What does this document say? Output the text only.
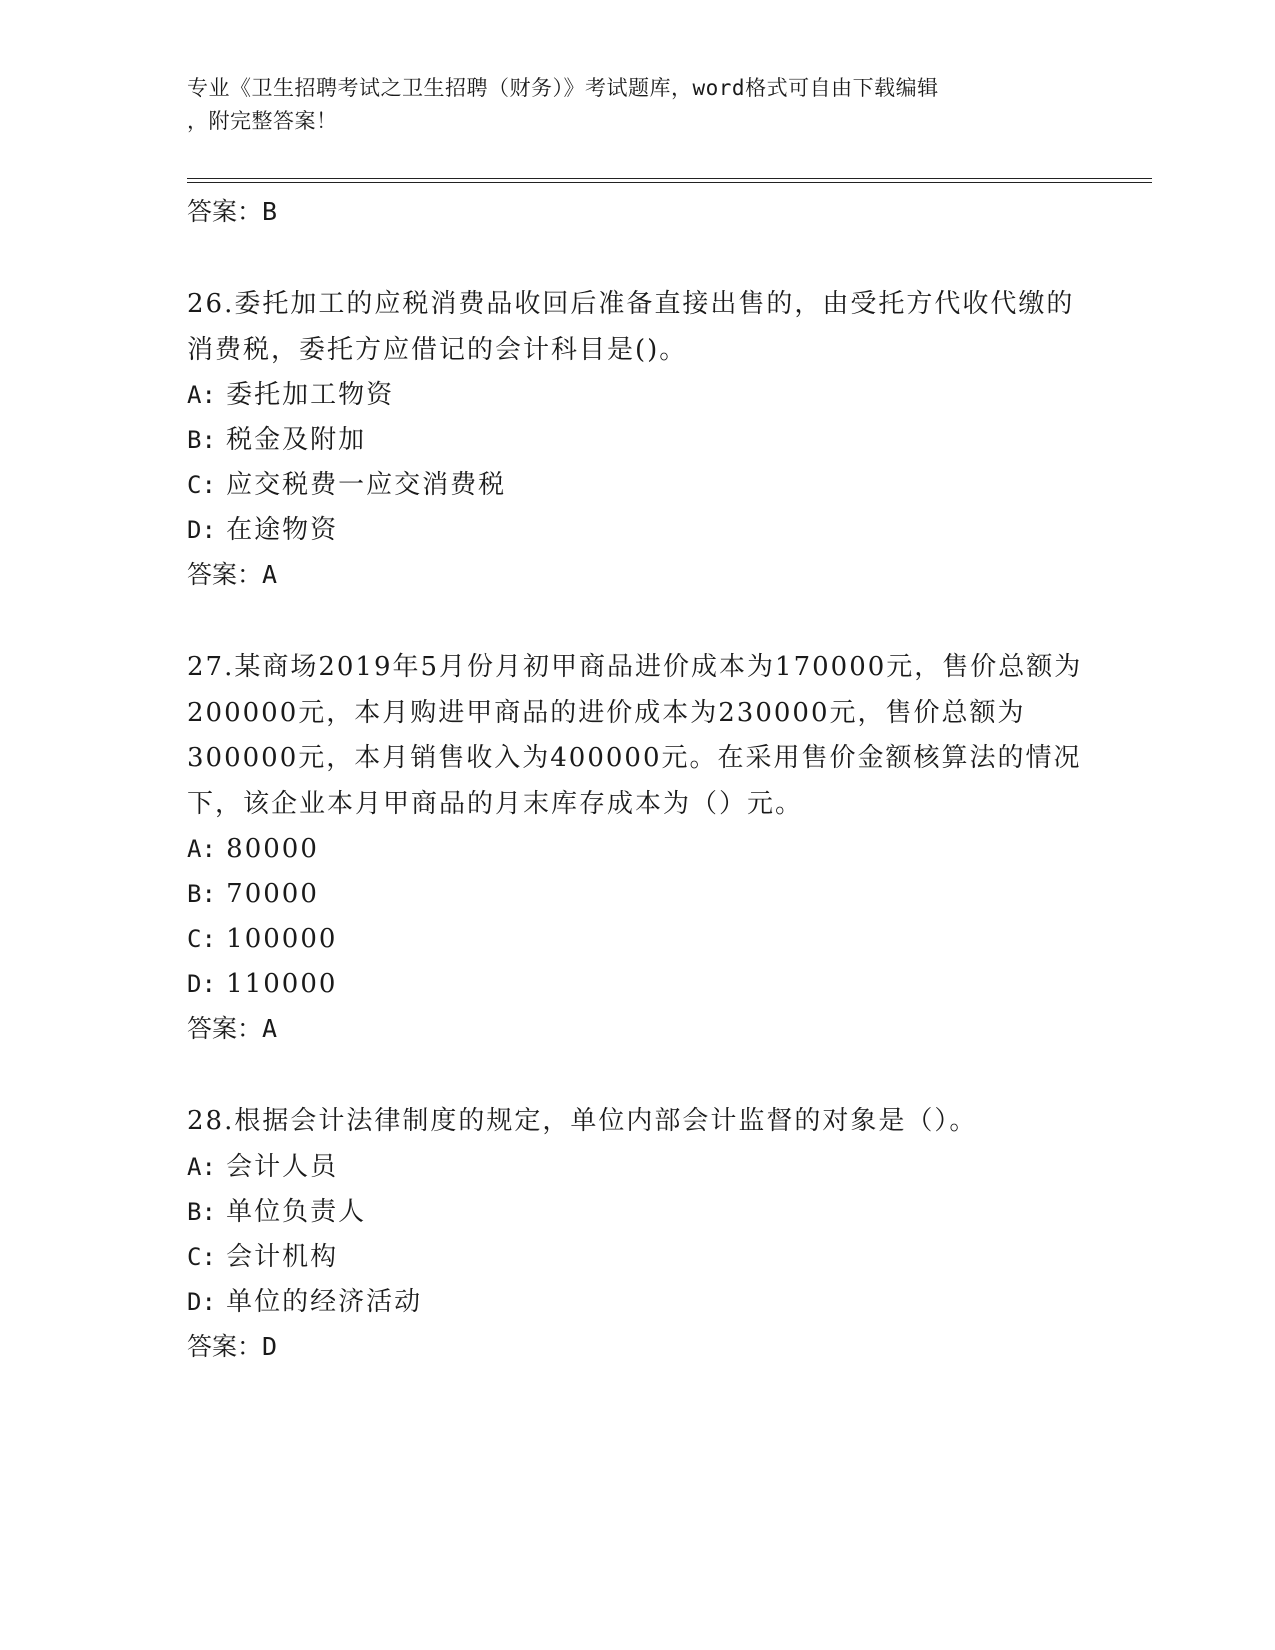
专业《卫生招聘考试之卫生招聘（财务）》考试题库，word格式可自由下载编辑
，附完整答案！
答案：B
26.委托加工的应税消费品收回后准备直接出售的，由受托方代收代缴的消费税，委托方应借记的会计科目是()。
A: 委托加工物资
B: 税金及附加
C: 应交税费一应交消费税
D: 在途物资
答案：A
27.某商场2019年5月份月初甲商品进价成本为170000元，售价总额为200000元，本月购进甲商品的进价成本为230000元，售价总额为300000元，本月销售收入为400000元。在采用售价金额核算法的情况下，该企业本月甲商品的月末库存成本为（）元。
A: 80000
B: 70000
C: 100000
D: 110000
答案：A
28.根据会计法律制度的规定，单位内部会计监督的对象是（）。
A: 会计人员
B: 单位负责人
C: 会计机构
D: 单位的经济活动
答案：D
